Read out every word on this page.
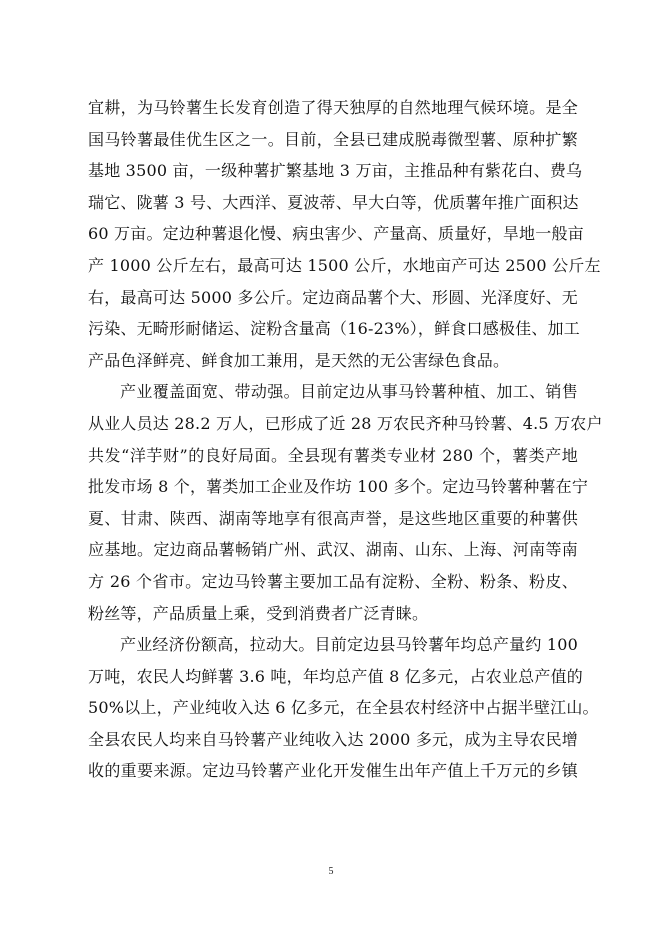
宜耕，为马铃薯生长发育创造了得天独厚的自然地理气候环境。是全
国马铃薯最佳优生区之一。目前，全县已建成脱毒微型薯、原种扩繁
基地 3500 亩，一级种薯扩繁基地 3 万亩，主推品种有紫花白、费乌
瑞它、陇薯 3 号、大西洋、夏波蒂、早大白等，优质薯年推广面积达
60 万亩。定边种薯退化慢、病虫害少、产量高、质量好，旱地一般亩
产 1000 公斤左右，最高可达 1500 公斤，水地亩产可达 2500 公斤左
右，最高可达 5000 多公斤。定边商品薯个大、形圆、光泽度好、无
污染、无畸形耐储运、淀粉含量高（16-23%），鲜食口感极佳、加工
产品色泽鲜亮、鲜食加工兼用，是天然的无公害绿色食品。
产业覆盖面宽、带动强。目前定边从事马铃薯种植、加工、销售
从业人员达 28.2 万人，已形成了近 28 万农民齐种马铃薯、4.5 万农户
共发“洋芋财”的良好局面。全县现有薯类专业材 280 个，薯类产地
批发市场 8 个，薯类加工企业及作坊 100 多个。定边马铃薯种薯在宁
夏、甘肃、陕西、湖南等地享有很高声誉，是这些地区重要的种薯供
应基地。定边商品薯畅销广州、武汉、湖南、山东、上海、河南等南
方 26 个省市。定边马铃薯主要加工品有淀粉、全粉、粉条、粉皮、
粉丝等，产品质量上乘，受到消费者广泛青睐。
产业经济份额高，拉动大。目前定边县马铃薯年均总产量约 100
万吨，农民人均鲜薯 3.6 吨，年均总产值 8 亿多元，占农业总产值的
50%以上，产业纯收入达 6 亿多元，在全县农村经济中占据半壁江山。
全县农民人均来自马铃薯产业纯收入达 2000 多元，成为主导农民增
收的重要来源。定边马铃薯产业化开发催生出年产值上千万元的乡镇
5
